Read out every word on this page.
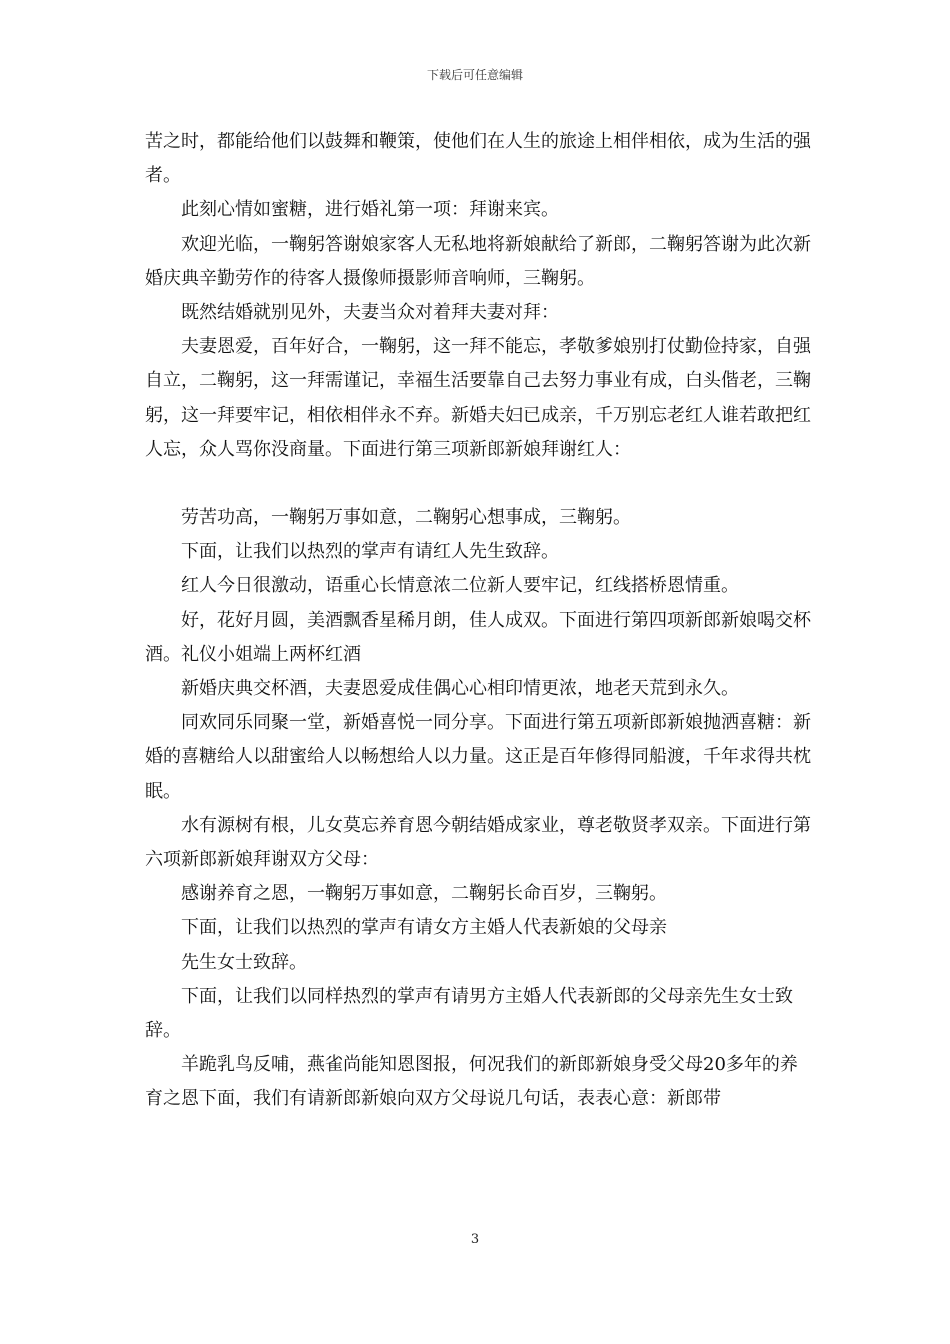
下载后可任意编辑

苦之时，都能给他们以鼓舞和鞭策，使他们在人生的旅途上相伴相依，成为生活的强者。

此刻心情如蜜糖，进行婚礼第一项：拜谢来宾。

欢迎光临，一鞠躬答谢娘家客人无私地将新娘献给了新郎，二鞠躬答谢为此次新婚庆典辛勤劳作的待客人摄像师摄影师音响师，三鞠躬。

既然结婚就别见外，夫妻当众对着拜夫妻对拜：

夫妻恩爱，百年好合，一鞠躬，这一拜不能忘，孝敬爹娘别打仗勤俭持家，自强自立，二鞠躬，这一拜需谨记，幸福生活要靠自己去努力事业有成，白头偕老，三鞠躬，这一拜要牢记，相依相伴永不弃。新婚夫妇已成亲，千万别忘老红人谁若敢把红人忘，众人骂你没商量。下面进行第三项新郎新娘拜谢红人：

劳苦功高，一鞠躬万事如意，二鞠躬心想事成，三鞠躬。

下面，让我们以热烈的掌声有请红人先生致辞。

红人今日很激动，语重心长情意浓二位新人要牢记，红线搭桥恩情重。

好，花好月圆，美酒飘香星稀月朗，佳人成双。下面进行第四项新郎新娘喝交杯酒。礼仪小姐端上两杯红酒

新婚庆典交杯酒，夫妻恩爱成佳偶心心相印情更浓，地老天荒到永久。

同欢同乐同聚一堂，新婚喜悦一同分享。下面进行第五项新郎新娘抛洒喜糖：新婚的喜糖给人以甜蜜给人以畅想给人以力量。这正是百年修得同船渡，千年求得共枕眠。

水有源树有根，儿女莫忘养育恩今朝结婚成家业，尊老敬贤孝双亲。下面进行第六项新郎新娘拜谢双方父母：

感谢养育之恩，一鞠躬万事如意，二鞠躬长命百岁，三鞠躬。

下面，让我们以热烈的掌声有请女方主婚人代表新娘的父母亲

先生女士致辞。

下面，让我们以同样热烈的掌声有请男方主婚人代表新郎的父母亲先生女士致辞。

羊跪乳鸟反哺，燕雀尚能知恩图报，何况我们的新郎新娘身受父母20多年的养育之恩下面，我们有请新郎新娘向双方父母说几句话，表表心意：新郎带

3
